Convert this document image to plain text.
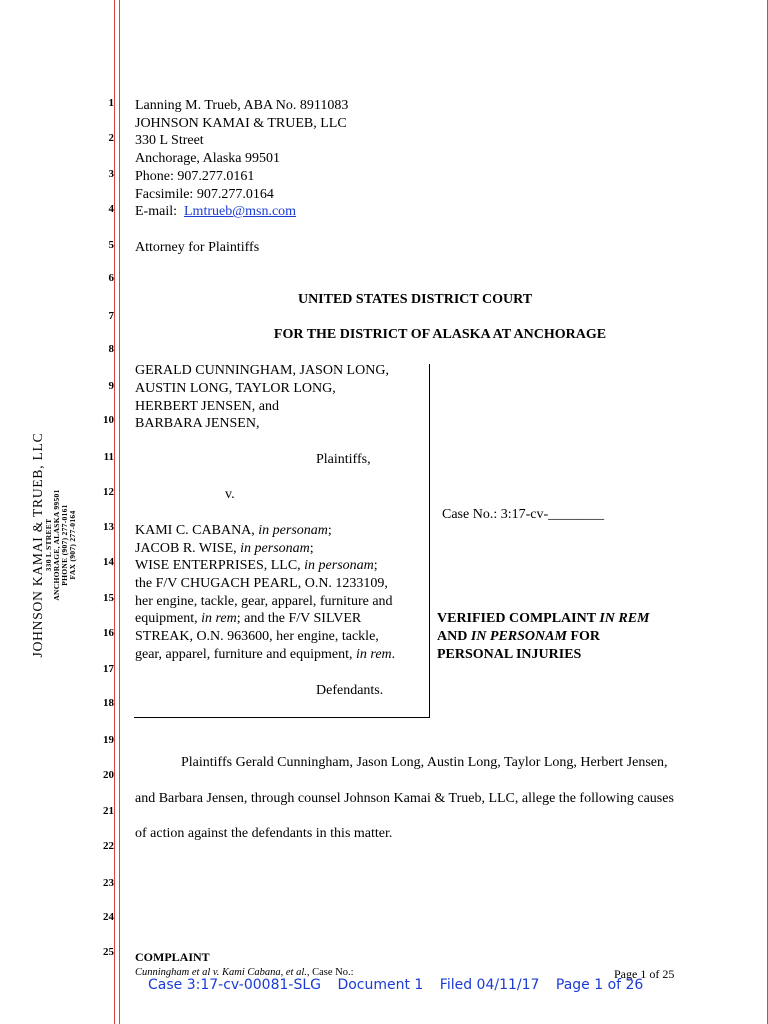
1
2
3
4
5
6
7
8
9
10
11
12
13
14
15
16
17
18
19
20
21
22
23
24
25
JOHNSON KAMAI & TRUEB, LLC 330 L STREET
ANCHORAGE, ALASKA 99501
PHONE (907) 277-0161
FAX (907) 277-0164
Lanning M. Trueb, ABA No. 8911083
JOHNSON KAMAI & TRUEB, LLC
330 L Street
Anchorage, Alaska 99501
Phone: 907.277.0161
Facsimile: 907.277.0164
E-mail: Lmtrueb@msn.com
Attorney for Plaintiffs
UNITED STATES DISTRICT COURT
FOR THE DISTRICT OF ALASKA AT ANCHORAGE
GERALD CUNNINGHAM, JASON LONG,
AUSTIN LONG, TAYLOR LONG,
HERBERT JENSEN, and
BARBARA JENSEN,
Plaintiffs,
v.
KAMI C. CABANA, in personam;
JACOB R. WISE, in personam;
WISE ENTERPRISES, LLC, in personam;
the F/V CHUGACH PEARL, O.N. 1233109,
her engine, tackle, gear, apparel, furniture and
equipment, in rem; and the F/V SILVER
STREAK, O.N. 963600, her engine, tackle,
gear, apparel, furniture and equipment, in rem.
Defendants.
Case No.: 3:17-cv-________
VERIFIED COMPLAINT IN REM
AND IN PERSONAM FOR
PERSONAL INJURIES
Plaintiffs Gerald Cunningham, Jason Long, Austin Long, Taylor Long, Herbert Jensen,
and Barbara Jensen, through counsel Johnson Kamai & Trueb, LLC, allege the following causes
of action against the defendants in this matter.
COMPLAINT
Cunningham et al v. Kami Cabana, et al., Case No.:	Page 1 of 25
Case 3:17-cv-00081-SLG Document 1 Filed 04/11/17 Page 1 of 26
